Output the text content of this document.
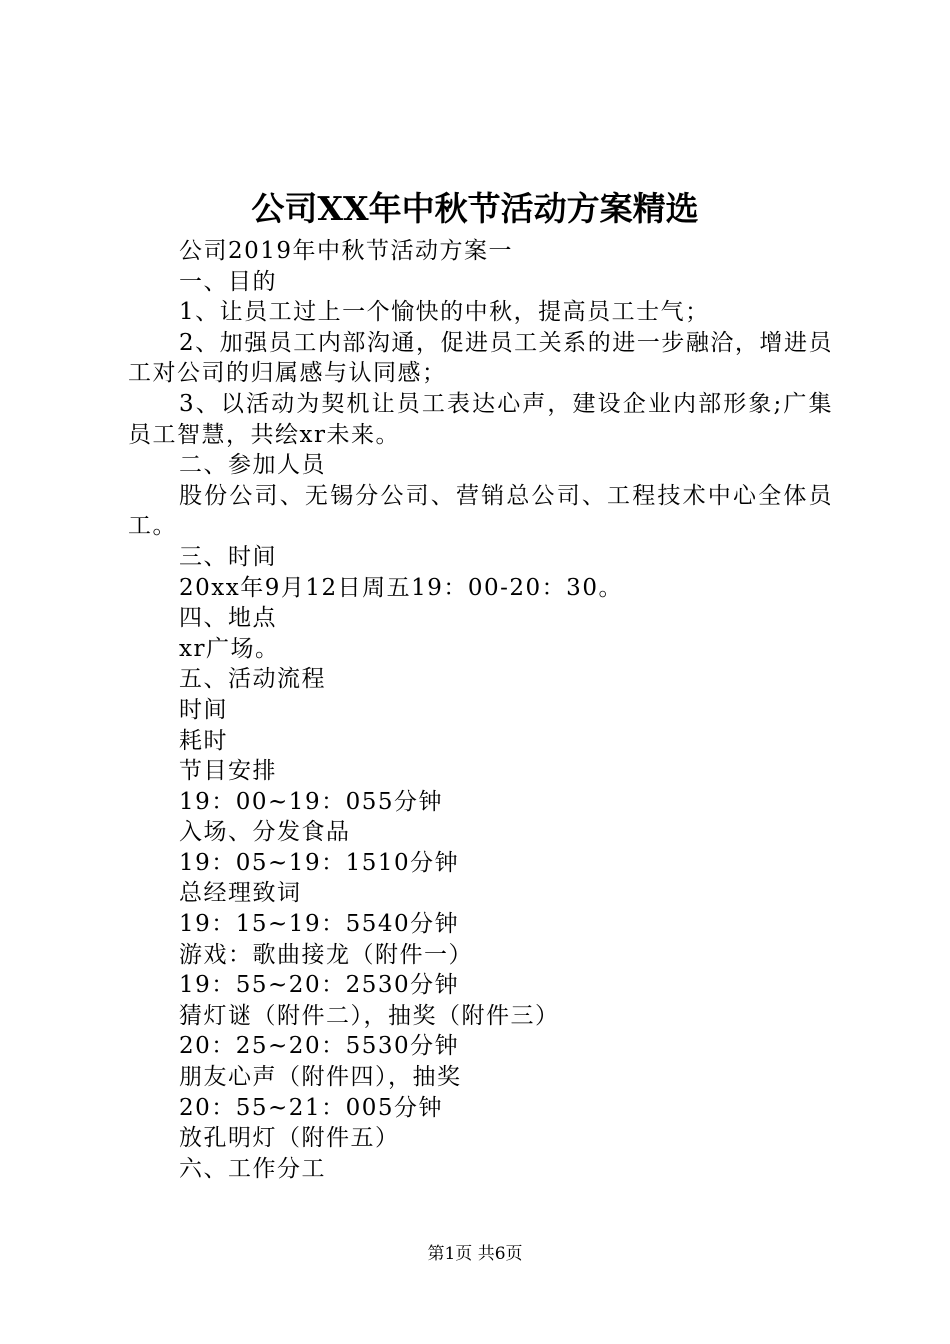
公司XX年中秋节活动方案精选

公司2019年中秋节活动方案一

一、目的

1、让员工过上一个愉快的中秋，提高员工士气；

2、加强员工内部沟通，促进员工关系的进一步融洽，增进员工对公司的归属感与认同感；

3、以活动为契机让员工表达心声，建设企业内部形象;广集员工智慧，共绘xr未来。

二、参加人员

股份公司、无锡分公司、营销总公司、工程技术中心全体员工。

三、时间

20xx年9月12日周五19：00-20：30。

四、地点

xr广场。

五、活动流程

时间

耗时

节目安排

19：00~19：055分钟

入场、分发食品

19：05~19：1510分钟

总经理致词

19：15~19：5540分钟

游戏：歌曲接龙（附件一）

19：55~20：2530分钟

猜灯谜（附件二），抽奖（附件三）

20：25~20：5530分钟

朋友心声（附件四），抽奖

20：55~21：005分钟

放孔明灯（附件五）

六、工作分工

第1页 共6页
